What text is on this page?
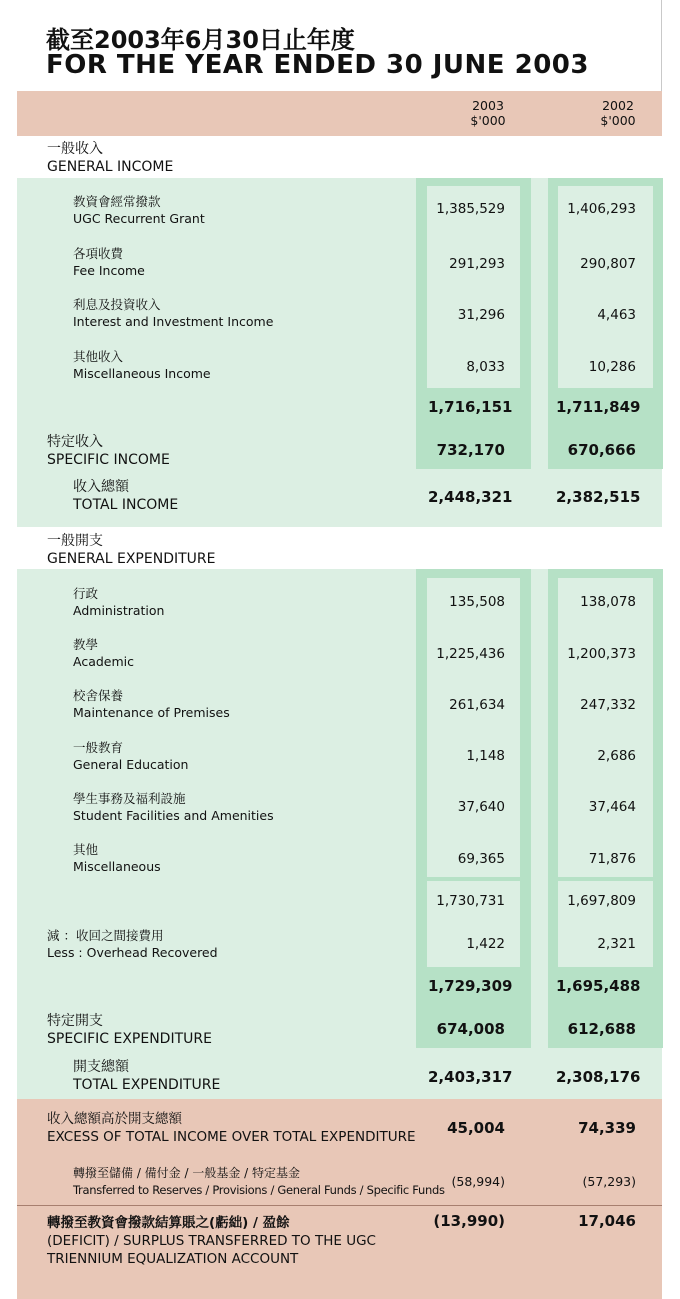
截至2003年6月30日止年度
FOR THE YEAR ENDED 30 JUNE 2003
2003
$'000
2002
$'000
一般收入
GENERAL INCOME
教資會經常撥款
UGC Recurrent Grant
1,385,529	1,406,293
各項收費
Fee Income	291,293	290,807
利息及投資收入
Interest and Investment Income	31,296	4,463
其他收入
Miscellaneous Income	8,033	10,286
1,716,151	1,711,849
特定收入
SPECIFIC INCOME
732,170	670,666
收入總額
TOTAL INCOME	2,448,321	2,382,515
一般開支
GENERAL EXPENDITURE
行政
Administration
135,508	138,078
教學
Academic	1,225,436	1,200,373
校舍保養
Maintenance of Premises	261,634	247,332
一般教育
General Education
1,148	2,686
學生事務及福利設施
Student Facilities and Amenities
37,640	37,464
其他
Miscellaneous	69,365	71,876
1,730,731	1,697,809
減 ：收回之間接費用
Less : Overhead Recovered
1,422	2,321
1,729,309	1,695,488
特定開支
SPECIFIC EXPENDITURE
674,008	612,688
開支總額
TOTAL EXPENDITURE	2,403,317	2,308,176
收入總額高於開支總額
EXCESS OF TOTAL INCOME OVER TOTAL EXPENDITURE	45,004	74,339
轉撥至儲備 / 備付金 / 一般基金 / 特定基金
Transferred to Reserves / Provisions / General Funds / Specific Funds
(58,994)	(57,293)
轉撥至教資會撥款結算賬之(虧絀) / 盈餘
(DEFICIT) / SURPLUS TRANSFERRED TO THE UGC
TRIENNIUM EQUALIZATION ACCOUNT
(13,990)	17,046
